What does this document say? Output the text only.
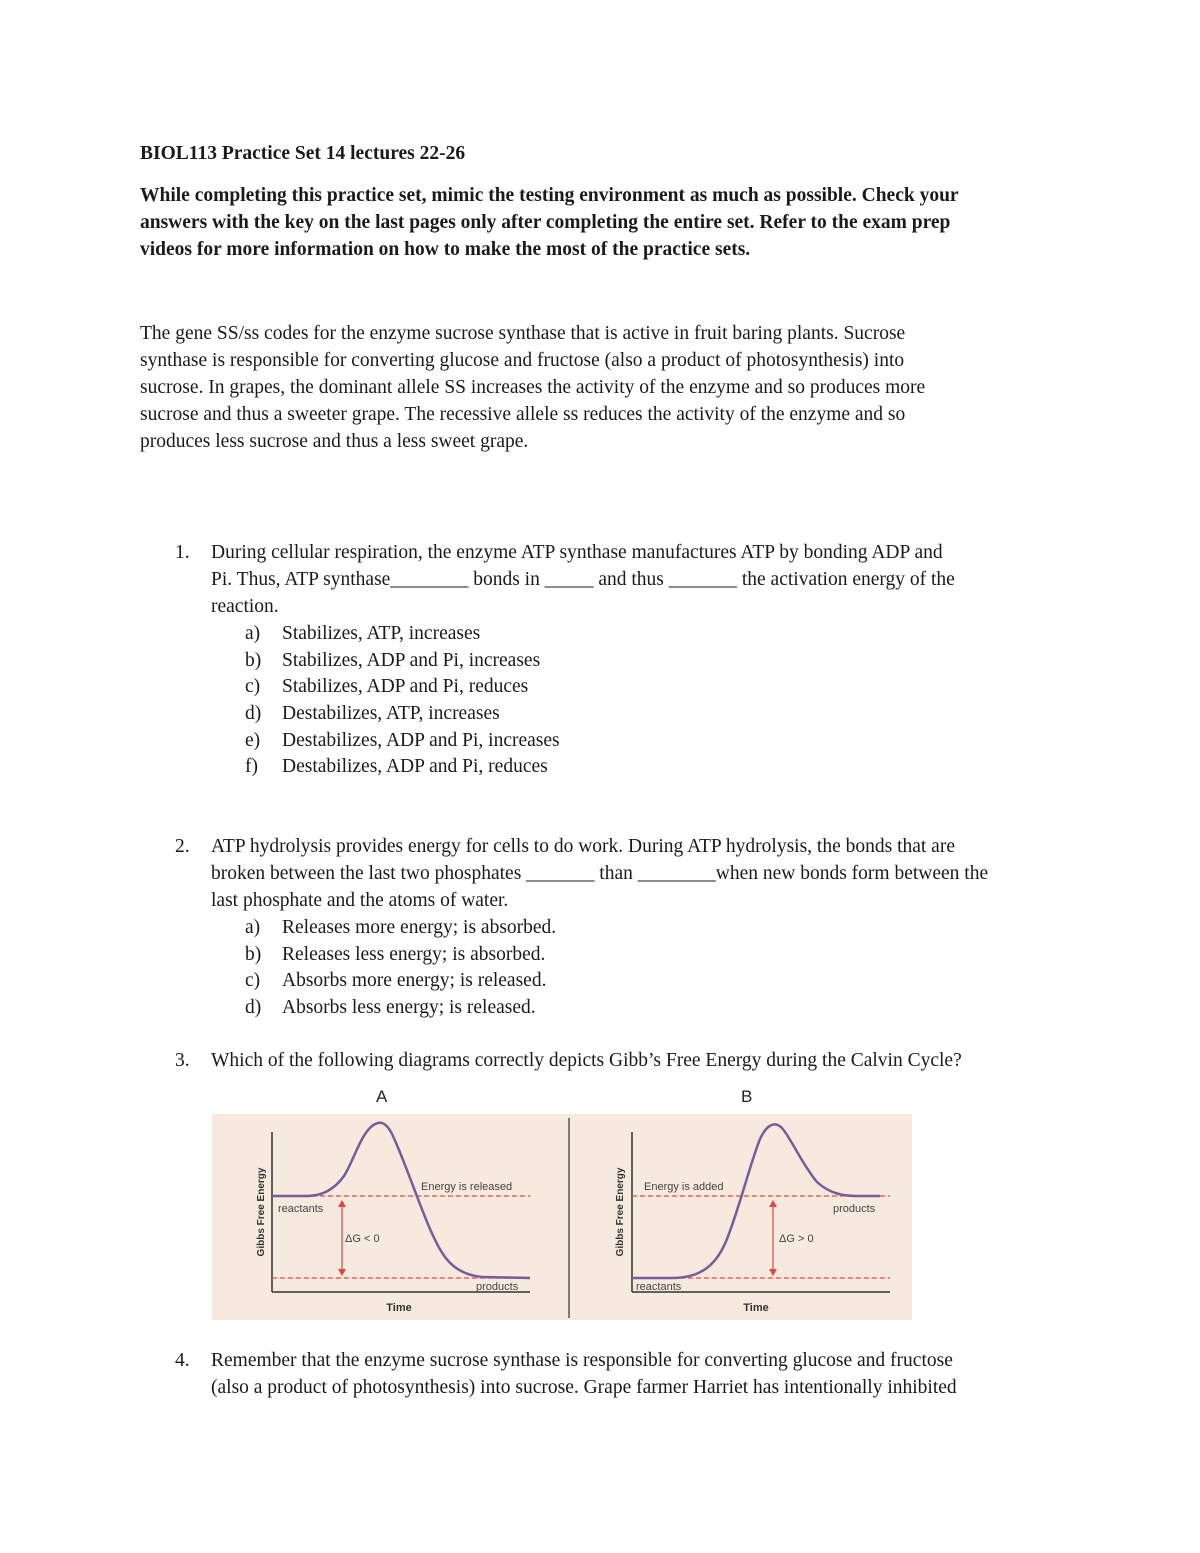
BIOL113 Practice Set 14 lectures 22-26
While completing this practice set, mimic the testing environment as much as possible. Check your
answers with the key on the last pages only after completing the entire set. Refer to the exam prep
videos for more information on how to make the most of the practice sets.
The gene SS/ss codes for the enzyme sucrose synthase that is active in fruit baring plants. Sucrose
synthase is responsible for converting glucose and fructose (also a product of photosynthesis) into
sucrose. In grapes, the dominant allele SS increases the activity of the enzyme and so produces more
sucrose and thus a sweeter grape. The recessive allele ss reduces the activity of the enzyme and so
produces less sucrose and thus a less sweet grape.
1. During cellular respiration, the enzyme ATP synthase manufactures ATP by bonding ADP and
Pi. Thus, ATP synthase________ bonds in _____ and thus _______ the activation energy of the
reaction.
a) Stabilizes, ATP, increases
b) Stabilizes, ADP and Pi, increases
c) Stabilizes, ADP and Pi, reduces
d) Destabilizes, ATP, increases
e) Destabilizes, ADP and Pi, increases
f) Destabilizes, ADP and Pi, reduces
2. ATP hydrolysis provides energy for cells to do work. During ATP hydrolysis, the bonds that are
broken between the last two phosphates _______ than ________when new bonds form between the
last phosphate and the atoms of water.
a) Releases more energy; is absorbed.
b) Releases less energy; is absorbed.
c) Absorbs more energy; is released.
d) Absorbs less energy; is released.
3. Which of the following diagrams correctly depicts Gibb’s Free Energy during the Calvin Cycle?
A	B
Gibbs Free Energy
Time
Energy is released
reactants
products
ΔG < 0	Gibbs Free Energy
Time
Energy is added
reactants
products
ΔG > 0
4. Remember that the enzyme sucrose synthase is responsible for converting glucose and fructose
(also a product of photosynthesis) into sucrose. Grape farmer Harriet has intentionally inhibited
